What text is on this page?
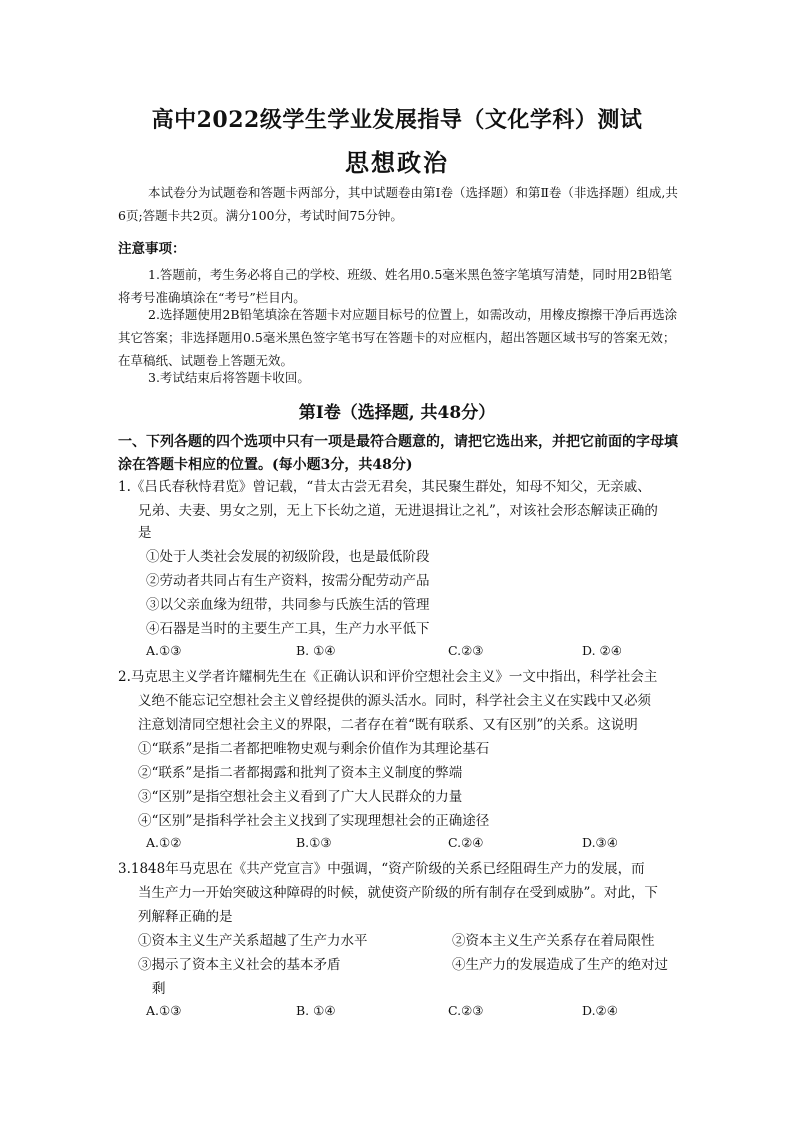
高中2022级学生学业发展指导（文化学科）测试
思想政治
本试卷分为试题卷和答题卡两部分，其中试题卷由第Ⅰ卷（选择题）和第Ⅱ卷（非选择题）组成,共6页;答题卡共2页。满分100分，考试时间75分钟。
注意事项：
1.答题前，考生务必将自己的学校、班级、姓名用0.5毫米黑色签字笔填写清楚，同时用2B铅笔将考号准确填涂在“考号”栏目内。
2.选择题使用2B铅笔填涂在答题卡对应题目标号的位置上，如需改动，用橡皮擦擦干净后再选涂其它答案；非选择题用0.5毫米黑色签字笔书写在答题卡的对应框内，超出答题区域书写的答案无效；在草稿纸、试题卷上答题无效。
3.考试结束后将答题卡收回。
第Ⅰ卷（选择题, 共48分）
一、下列各题的四个选项中只有一项是最符合题意的，请把它选出来，并把它前面的字母填涂在答题卡相应的位置。(每小题3分，共48分)
1.《吕氏春秋恃君览》曾记载，“昔太古尝无君矣，其民聚生群处，知母不知父，无亲戚、
兄弟、夫妻、男女之别，无上下长幼之道，无进退揖让之礼”，对该社会形态解读正确的
是
①处于人类社会发展的初级阶段，也是最低阶段
②劳动者共同占有生产资料，按需分配劳动产品
③以父亲血缘为纽带，共同参与氏族生活的管理
④石器是当时的主要生产工具，生产力水平低下
A.①③	B. ①④	C.②③	D. ②④
2.马克思主义学者许耀桐先生在《正确认识和评价空想社会主义》一文中指出，科学社会主
义绝不能忘记空想社会主义曾经提供的源头活水。同时，科学社会主义在实践中又必须
注意划清同空想社会主义的界限，二者存在着“既有联系、又有区别”的关系。这说明
①“联系”是指二者都把唯物史观与剩余价值作为其理论基石
②“联系”是指二者都揭露和批判了资本主义制度的弊端
③“区别”是指空想社会主义看到了广大人民群众的力量
④“区别”是指科学社会主义找到了实现理想社会的正确途径
A.①②	B.①③	C.②④	D.③④
3.1848年马克思在《共产党宣言》中强调，“资产阶级的关系已经阻碍生产力的发展，而
当生产力一开始突破这种障碍的时候，就使资产阶级的所有制存在受到威胁”。对此，下
列解释正确的是
①资本主义生产关系超越了生产力水平	②资本主义生产关系存在着局限性
③揭示了资本主义社会的基本矛盾	④生产力的发展造成了生产的绝对过
剩
A.①③	B. ①④	C.②③	D.②④
